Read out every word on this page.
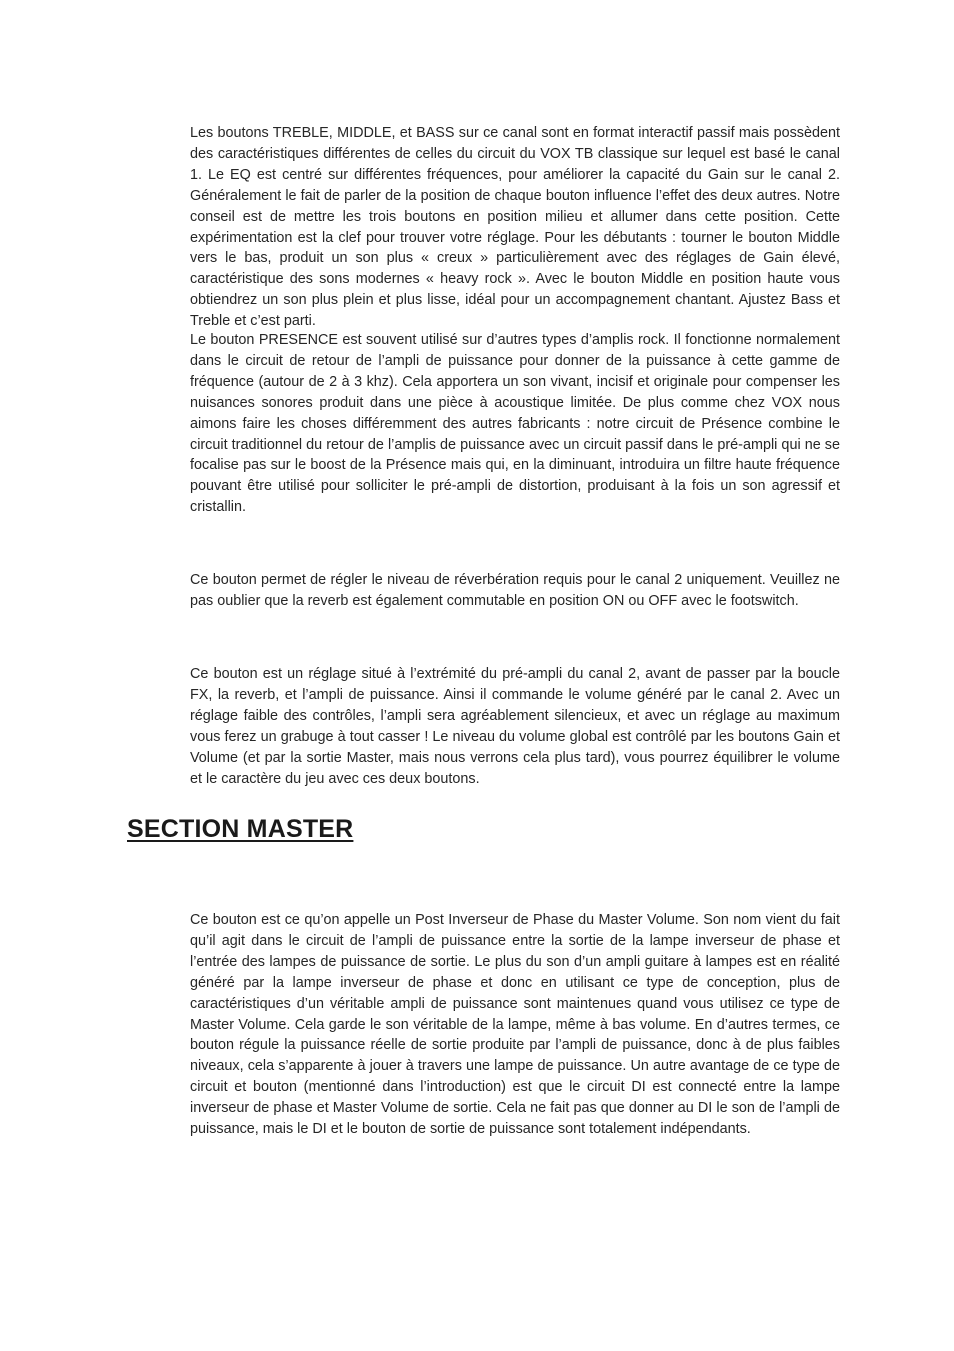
Les boutons TREBLE, MIDDLE, et BASS sur ce canal sont en format interactif passif mais possèdent des caractéristiques différentes de celles du circuit du VOX TB classique sur lequel est basé le canal 1. Le EQ est centré sur différentes fréquences, pour améliorer la capacité du Gain sur le canal 2. Généralement le fait de parler de la position de chaque bouton influence l’effet des deux autres. Notre conseil est de mettre les trois boutons en position milieu et allumer dans cette position. Cette expérimentation est la clef pour trouver votre réglage. Pour les débutants : tourner le bouton Middle vers le bas, produit un son plus « creux » particulièrement avec des réglages de Gain élevé, caractéristique des sons modernes « heavy rock ». Avec le bouton Middle en position haute vous obtiendrez un son plus plein et plus lisse, idéal pour un accompagnement chantant. Ajustez Bass et Treble et c’est parti.

Le bouton PRESENCE est souvent utilisé sur d’autres types d’amplis rock. Il fonctionne normalement dans le circuit de retour de l’ampli de puissance pour donner de la puissance à cette gamme de fréquence (autour de 2 à 3 khz). Cela apportera un son vivant, incisif et originale pour compenser les nuisances sonores produit dans une pièce à acoustique limitée. De plus comme chez VOX nous aimons faire les choses différemment des autres fabricants : notre circuit de Présence combine le circuit traditionnel du retour de l’amplis de puissance avec un circuit passif dans le pré-ampli qui ne se focalise pas sur le boost de la Présence mais qui, en la diminuant, introduira un filtre haute fréquence pouvant être utilisé pour solliciter le pré-ampli de distortion, produisant à la fois un son agressif et cristallin.

Ce bouton permet de régler le niveau de réverbération requis pour le canal 2 uniquement. Veuillez ne pas oublier que la reverb est également commutable en position ON ou OFF avec le footswitch.

Ce bouton est un réglage situé à l’extrémité du pré-ampli du canal 2, avant de passer par la boucle FX, la reverb, et l’ampli de puissance. Ainsi il commande le volume généré par le canal 2. Avec un réglage faible des contrôles, l’ampli sera agréablement silencieux, et avec un réglage au maximum vous ferez un grabuge à tout casser ! Le niveau du volume global est contrôlé par les boutons Gain et Volume (et par la sortie Master, mais nous verrons cela plus tard), vous pourrez équilibrer le volume et le caractère du jeu avec ces deux boutons.

SECTION MASTER

Ce bouton est ce qu’on appelle un Post Inverseur de Phase du Master Volume. Son nom vient du fait qu’il agit dans le circuit de l’ampli de puissance entre la sortie de la lampe inverseur de phase et l’entrée des lampes de puissance de sortie. Le plus du son d’un ampli guitare à lampes est en réalité généré par la lampe inverseur de phase et donc en utilisant ce type de conception, plus de caractéristiques d’un véritable ampli de puissance sont maintenues quand vous utilisez ce type de Master Volume. Cela garde le son véritable de la lampe, même à bas volume. En d’autres termes, ce bouton régule la puissance réelle de sortie produite par l’ampli de puissance, donc à de plus faibles niveaux, cela s’apparente à jouer à travers une lampe de puissance. Un autre avantage de ce type de circuit et bouton (mentionné dans l’introduction) est que le circuit DI est connecté entre la lampe inverseur de phase et Master Volume de sortie. Cela ne fait pas que donner au DI le son de l’ampli de puissance, mais le DI et le bouton de sortie de puissance sont totalement indépendants.
